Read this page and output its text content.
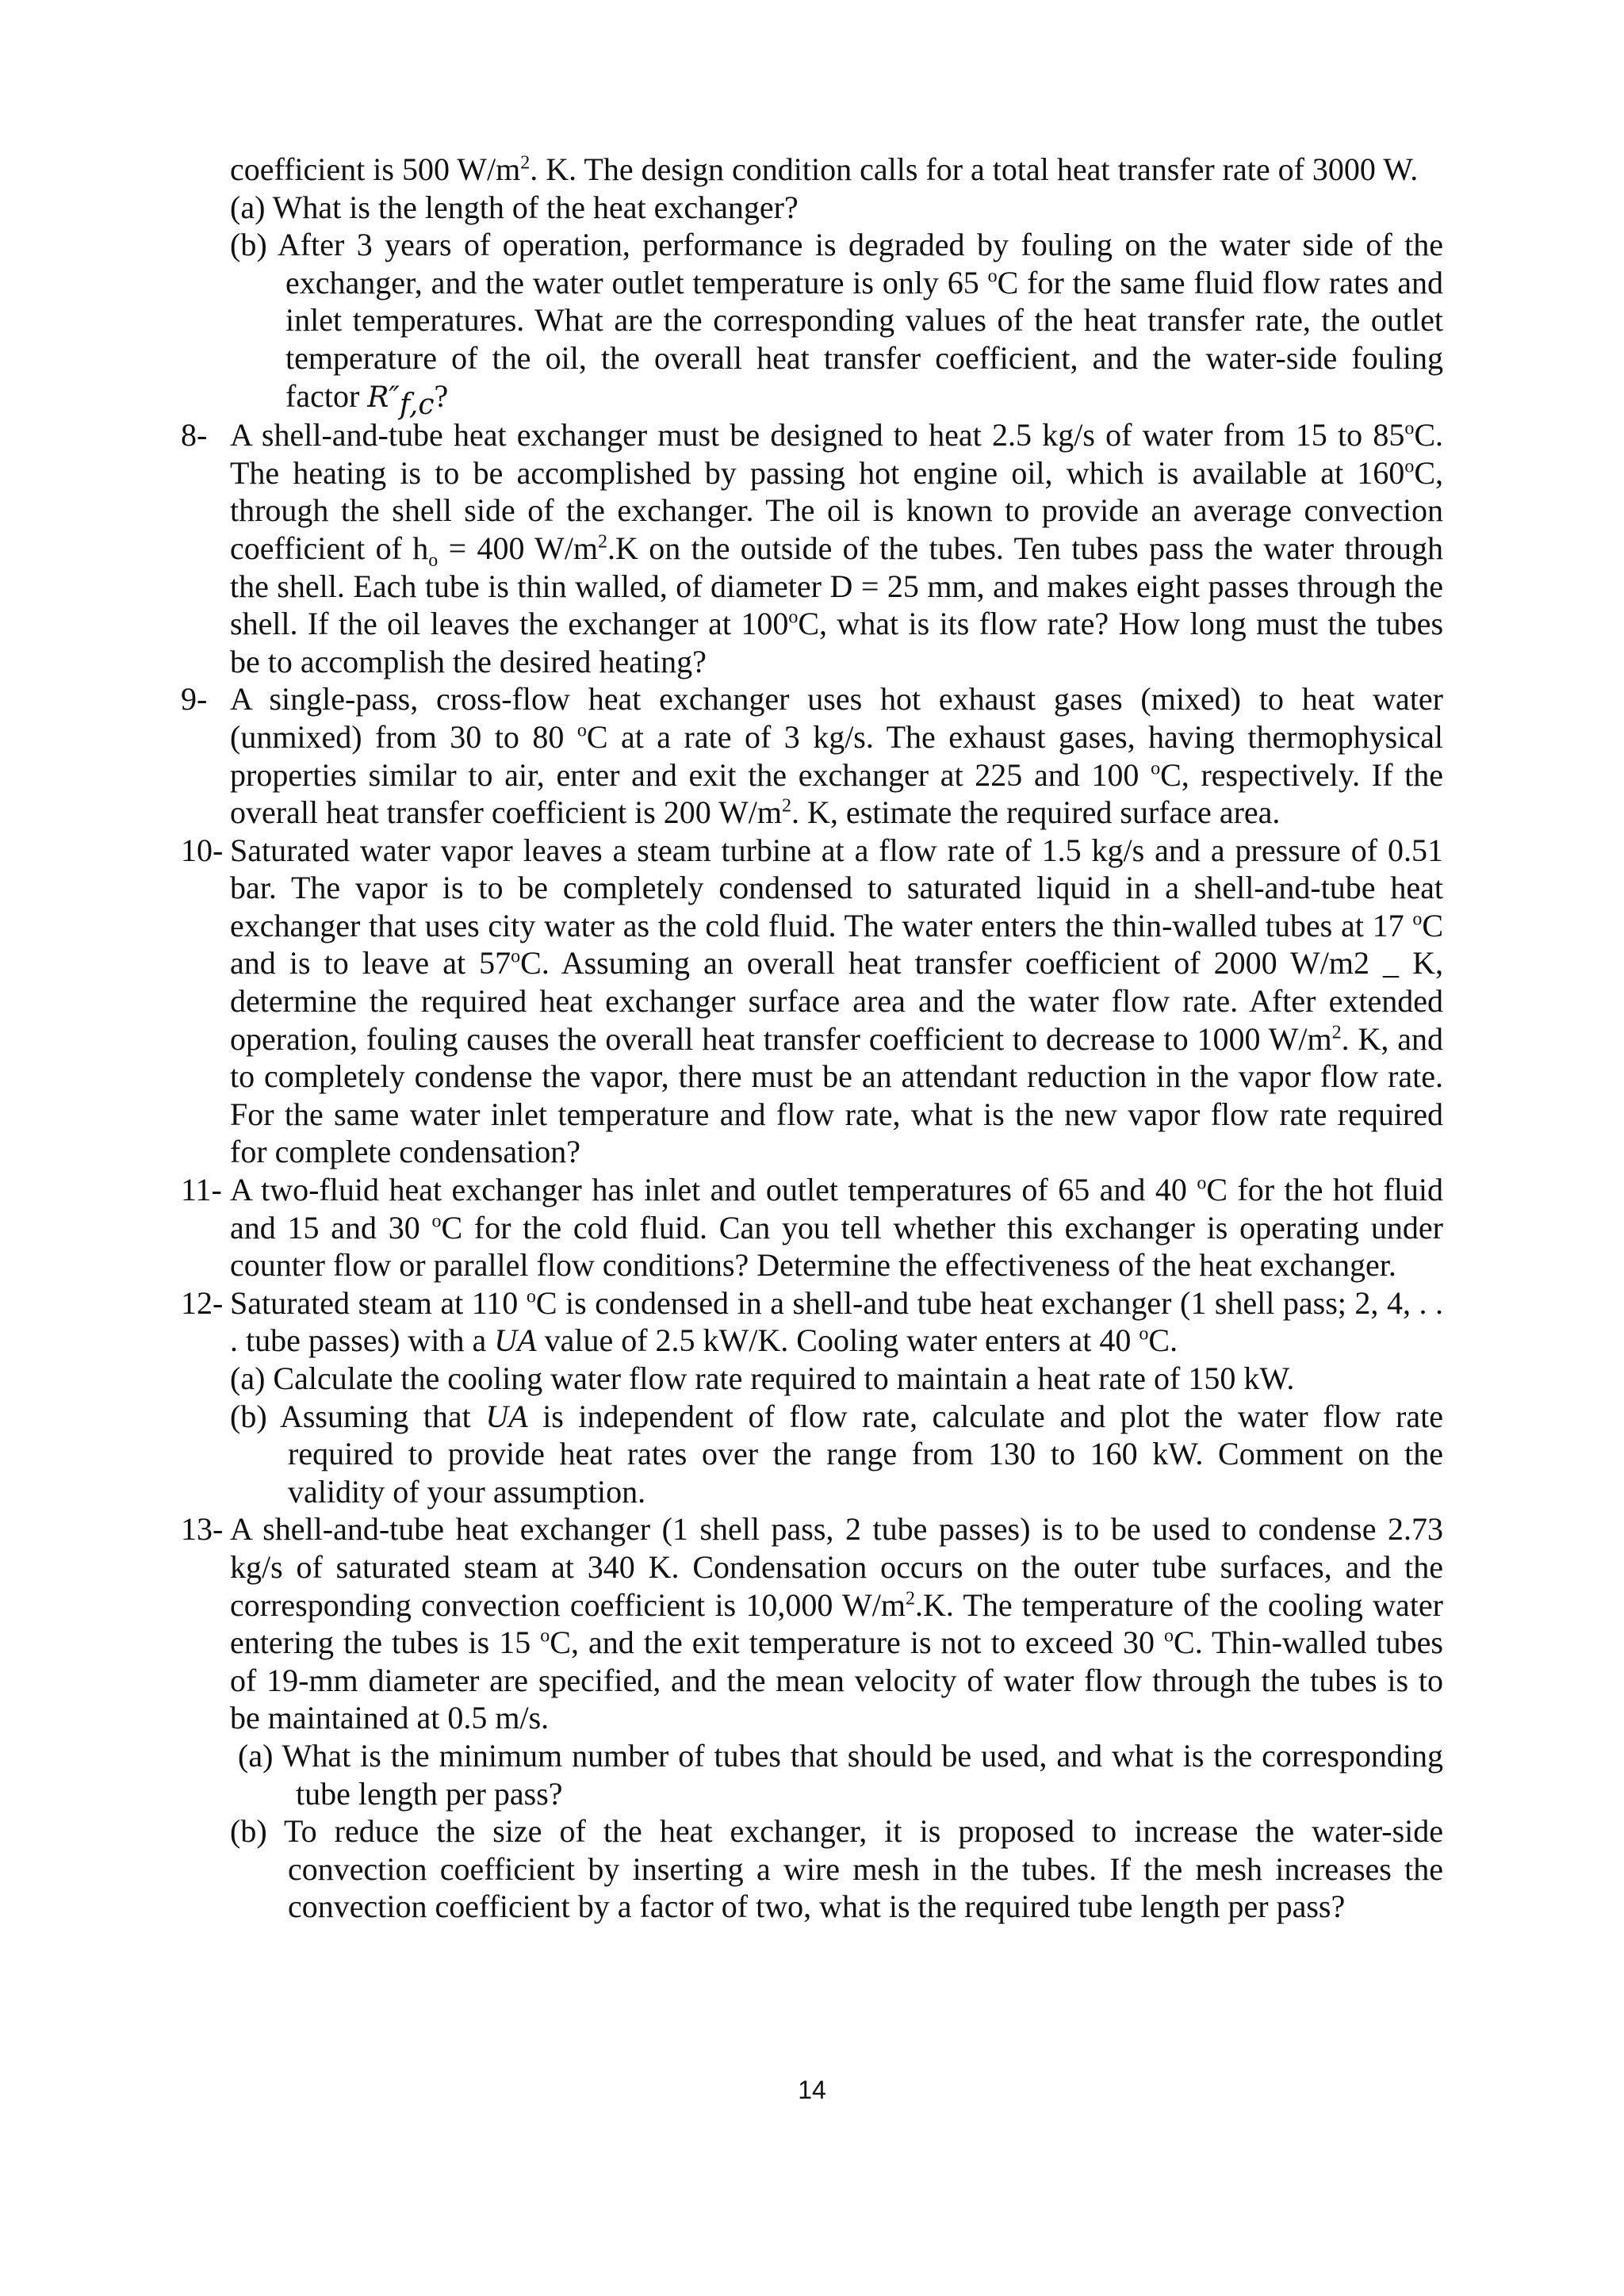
coefficient is 500 $W/m^2$. K. The design condition calls for a total heat transfer rate of 3000 W.

(a) What is the length of the heat exchanger?

(b) After 3 years of operation, performance is degraded by fouling on the water side of the exchanger, and the water outlet temperature is only 65 $^o$C for the same fluid flow rates and inlet temperatures. What are the corresponding values of the heat transfer rate, the outlet temperature of the oil, the overall heat transfer coefficient, and the water-side fouling factor $R''_{f,c}$?

8- A shell-and-tube heat exchanger must be designed to heat 2.5 kg/s of water from 15 to 85$^o$C. The heating is to be accomplished by passing hot engine oil, which is available at 160$^o$C, through the shell side of the exchanger. The oil is known to provide an average convection coefficient of $h_o = 400$ $W/m^2.K$ on the outside of the tubes. Ten tubes pass the water through the shell. Each tube is thin walled, of diameter D = 25 mm, and makes eight passes through the shell. If the oil leaves the exchanger at 100$^o$C, what is its flow rate? How long must the tubes be to accomplish the desired heating?

9- A single-pass, cross-flow heat exchanger uses hot exhaust gases (mixed) to heat water (unmixed) from 30 to 80 $^o$C at a rate of 3 kg/s. The exhaust gases, having thermophysical properties similar to air, enter and exit the exchanger at 225 and 100 $^o$C, respectively. If the overall heat transfer coefficient is 200 $W/m^2$. K, estimate the required surface area.

10- Saturated water vapor leaves a steam turbine at a flow rate of 1.5 kg/s and a pressure of 0.51 bar. The vapor is to be completely condensed to saturated liquid in a shell-and-tube heat exchanger that uses city water as the cold fluid. The water enters the thin-walled tubes at 17 $^o$C and is to leave at 57$^o$C. Assuming an overall heat transfer coefficient of 2000 W/m2 _ K, determine the required heat exchanger surface area and the water flow rate. After extended operation, fouling causes the overall heat transfer coefficient to decrease to 1000 $W/m^2$. K, and to completely condense the vapor, there must be an attendant reduction in the vapor flow rate. For the same water inlet temperature and flow rate, what is the new vapor flow rate required for complete condensation?

11- A two-fluid heat exchanger has inlet and outlet temperatures of 65 and 40 $^o$C for the hot fluid and 15 and 30 $^o$C for the cold fluid. Can you tell whether this exchanger is operating under counter flow or parallel flow conditions? Determine the effectiveness of the heat exchanger.

12- Saturated steam at 110 $^o$C is condensed in a shell-and tube heat exchanger (1 shell pass; 2, 4, . . . tube passes) with a UA value of 2.5 kW/K. Cooling water enters at 40 $^o$C.

(a) Calculate the cooling water flow rate required to maintain a heat rate of 150 kW.

(b) Assuming that UA is independent of flow rate, calculate and plot the water flow rate required to provide heat rates over the range from 130 to 160 kW. Comment on the validity of your assumption.

13- A shell-and-tube heat exchanger (1 shell pass, 2 tube passes) is to be used to condense 2.73 kg/s of saturated steam at 340 K. Condensation occurs on the outer tube surfaces, and the corresponding convection coefficient is 10,000 $W/m^2.K$. The temperature of the cooling water entering the tubes is 15 $^o$C, and the exit temperature is not to exceed 30 $^o$C. Thin-walled tubes of 19-mm diameter are specified, and the mean velocity of water flow through the tubes is to be maintained at 0.5 m/s.

(a) What is the minimum number of tubes that should be used, and what is the corresponding tube length per pass?

(b) To reduce the size of the heat exchanger, it is proposed to increase the water-side convection coefficient by inserting a wire mesh in the tubes. If the mesh increases the convection coefficient by a factor of two, what is the required tube length per pass?

14
